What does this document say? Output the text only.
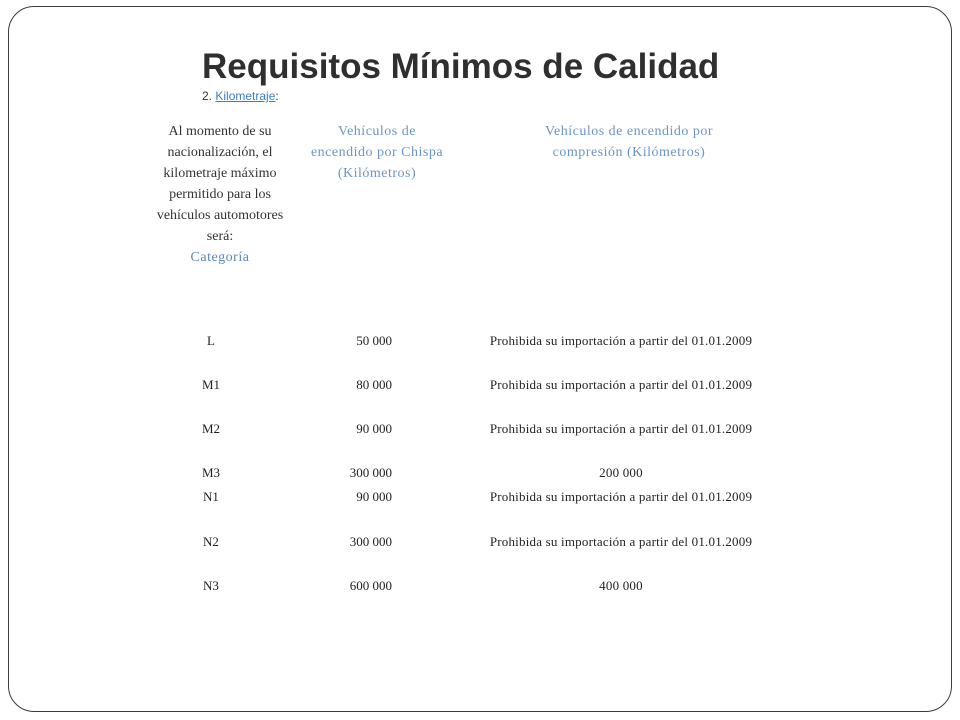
Requisitos Mínimos de Calidad
2. Kilometraje:
Al momento de su nacionalización, el kilometraje máximo permitido para los vehículos automotores será:
Categoría
Vehículos de encendido por Chispa (Kilómetros)
Vehículos de encendido por compresión (Kilómetros)
L	50 000	Prohibida su importación a partir del 01.01.2009
M1	80 000	Prohibida su importación a partir del 01.01.2009
M2	90 000	Prohibida su importación a partir del 01.01.2009
M3	300 000	200 000
N1	90 000	Prohibida su importación a partir del 01.01.2009
N2	300 000	Prohibida su importación a partir del 01.01.2009
N3	600 000	400 000
